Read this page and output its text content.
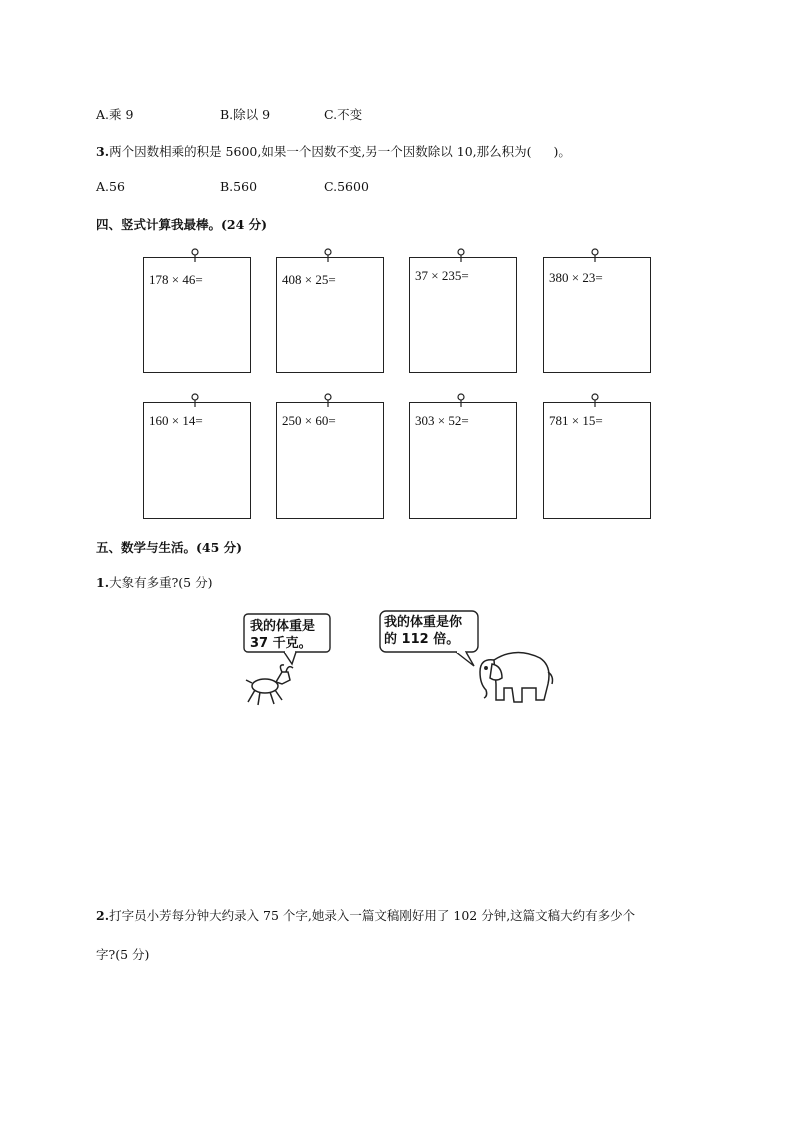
A.乘 9	B.除以 9	C.不变
3.两个因数相乘的积是 5600,如果一个因数不变,另一个因数除以 10,那么积为( )。
A.56	B.560	C.5600
四、竖式计算我最棒。(24 分)
178 × 46=	408 × 25=	37 × 235=	380 × 23=
160 × 14=	250 × 60=	303 × 52=	781 × 15=
五、数学与生活。(45 分)
1.大象有多重?(5 分)
我的体重是
37 千克。
我的体重是你
的 112 倍。
2.打字员小芳每分钟大约录入 75 个字,她录入一篇文稿刚好用了 102 分钟,这篇文稿大约有多少个
字?(5 分)
